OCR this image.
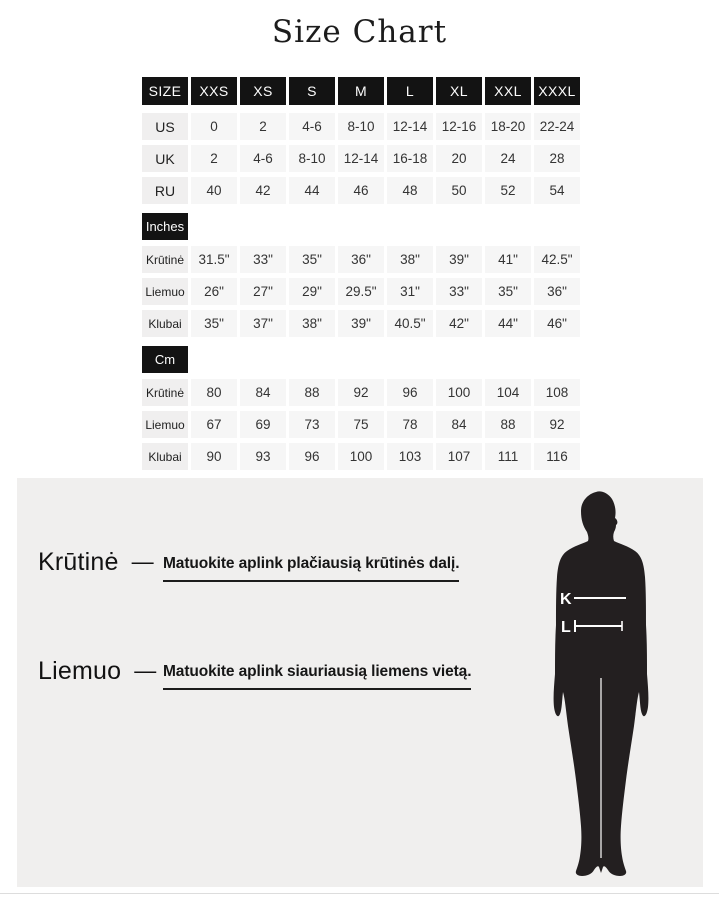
Size Chart
SIZE	XXS	XS	S	M	L	XL	XXL	XXXL
US	0	2	4-6	8-10	12-14	12-16	18-20	22-24
UK	2	4-6	8-10	12-14	16-18	20	24	28
RU	40	42	44	46	48	50	52	54
Inches
Krūtinė	31.5"	33"	35"	36"	38"	39"	41"	42.5"
Liemuo	26"	27"	29"	29.5"	31"	33"	35"	36"
Klubai	35"	37"	38"	39"	40.5"	42"	44"	46"
Cm
Krūtinė	80	84	88	92	96	100	104	108
Liemuo	67	69	73	75	78	84	88	92
Klubai	90	93	96	100	103	107	111	116
Krūtinė — Matuokite aplink plačiausią krūtinės dalį.
Liemuo — Matuokite aplink siauriausią liemens vietą.
K
L
